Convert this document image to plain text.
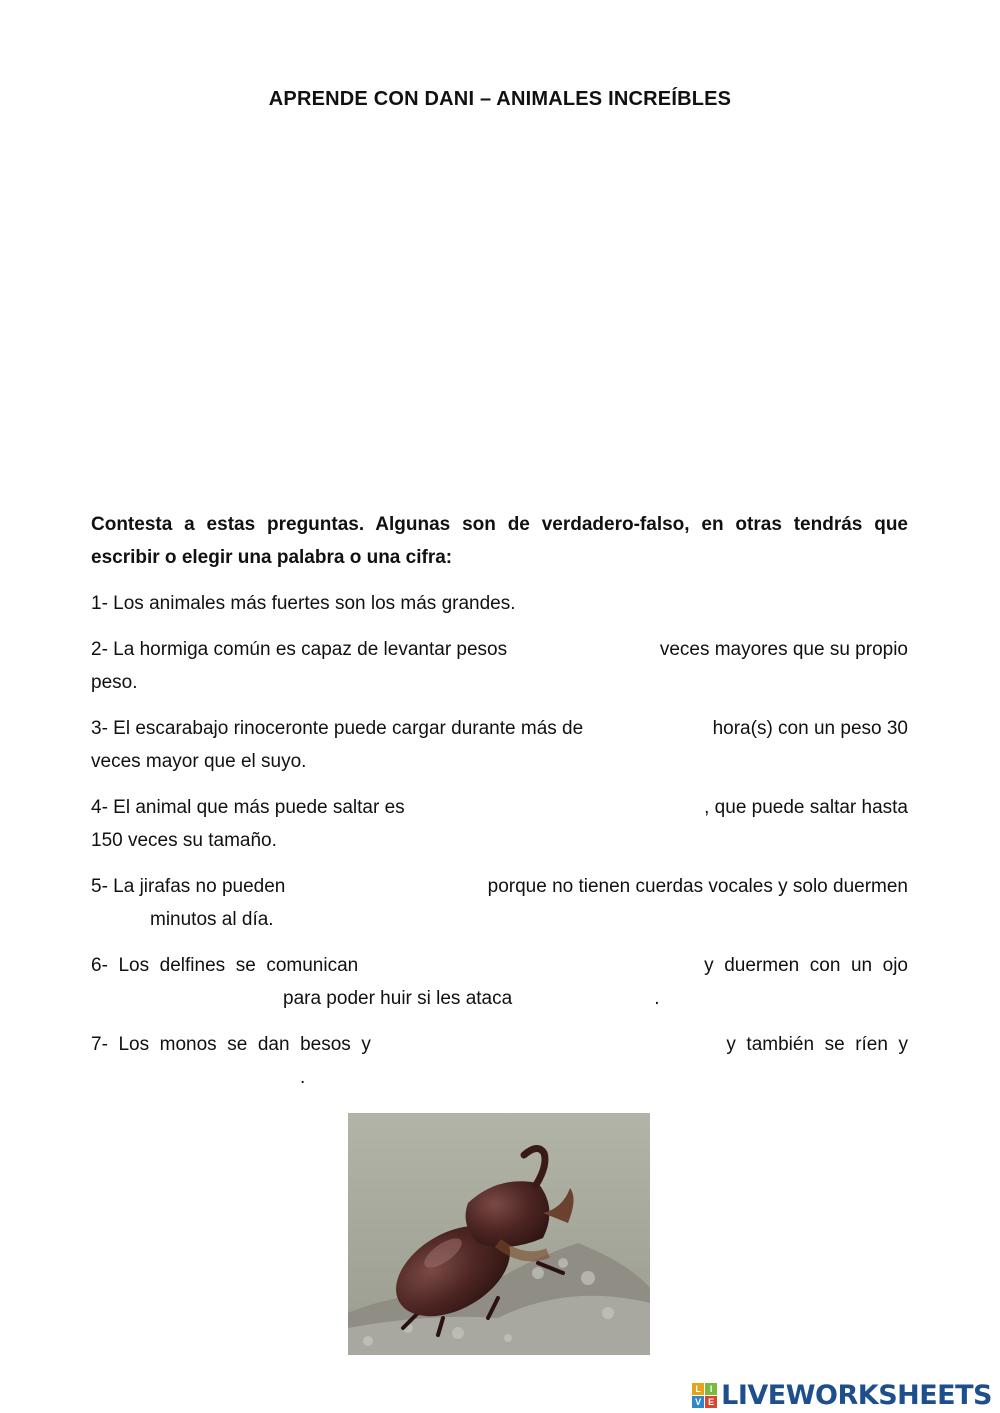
APRENDE CON DANI – ANIMALES INCREÍBLES
Contesta a estas preguntas. Algunas son de verdadero-falso, en otras tendrás que escribir o elegir una palabra o una cifra:
1- Los animales más fuertes son los más grandes.
2- La hormiga común es capaz de levantar pesos	veces mayores que su propio
peso.
3- El escarabajo rinoceronte puede cargar durante más de	hora(s) con un peso 30
veces mayor que el suyo.
4- El animal que más puede saltar es	, que puede saltar hasta
150 veces su tamaño.
5- La jirafas no pueden	porque no tienen cuerdas vocales y solo duermen
minutos al día.
6-  Los  delfines  se  comunican	y  duermen  con  un  ojo
para poder huir si les ataca	.
7-  Los  monos  se  dan  besos  y	y  también  se  ríen  y
.
L I
V E LIVEWORKSHEETS
